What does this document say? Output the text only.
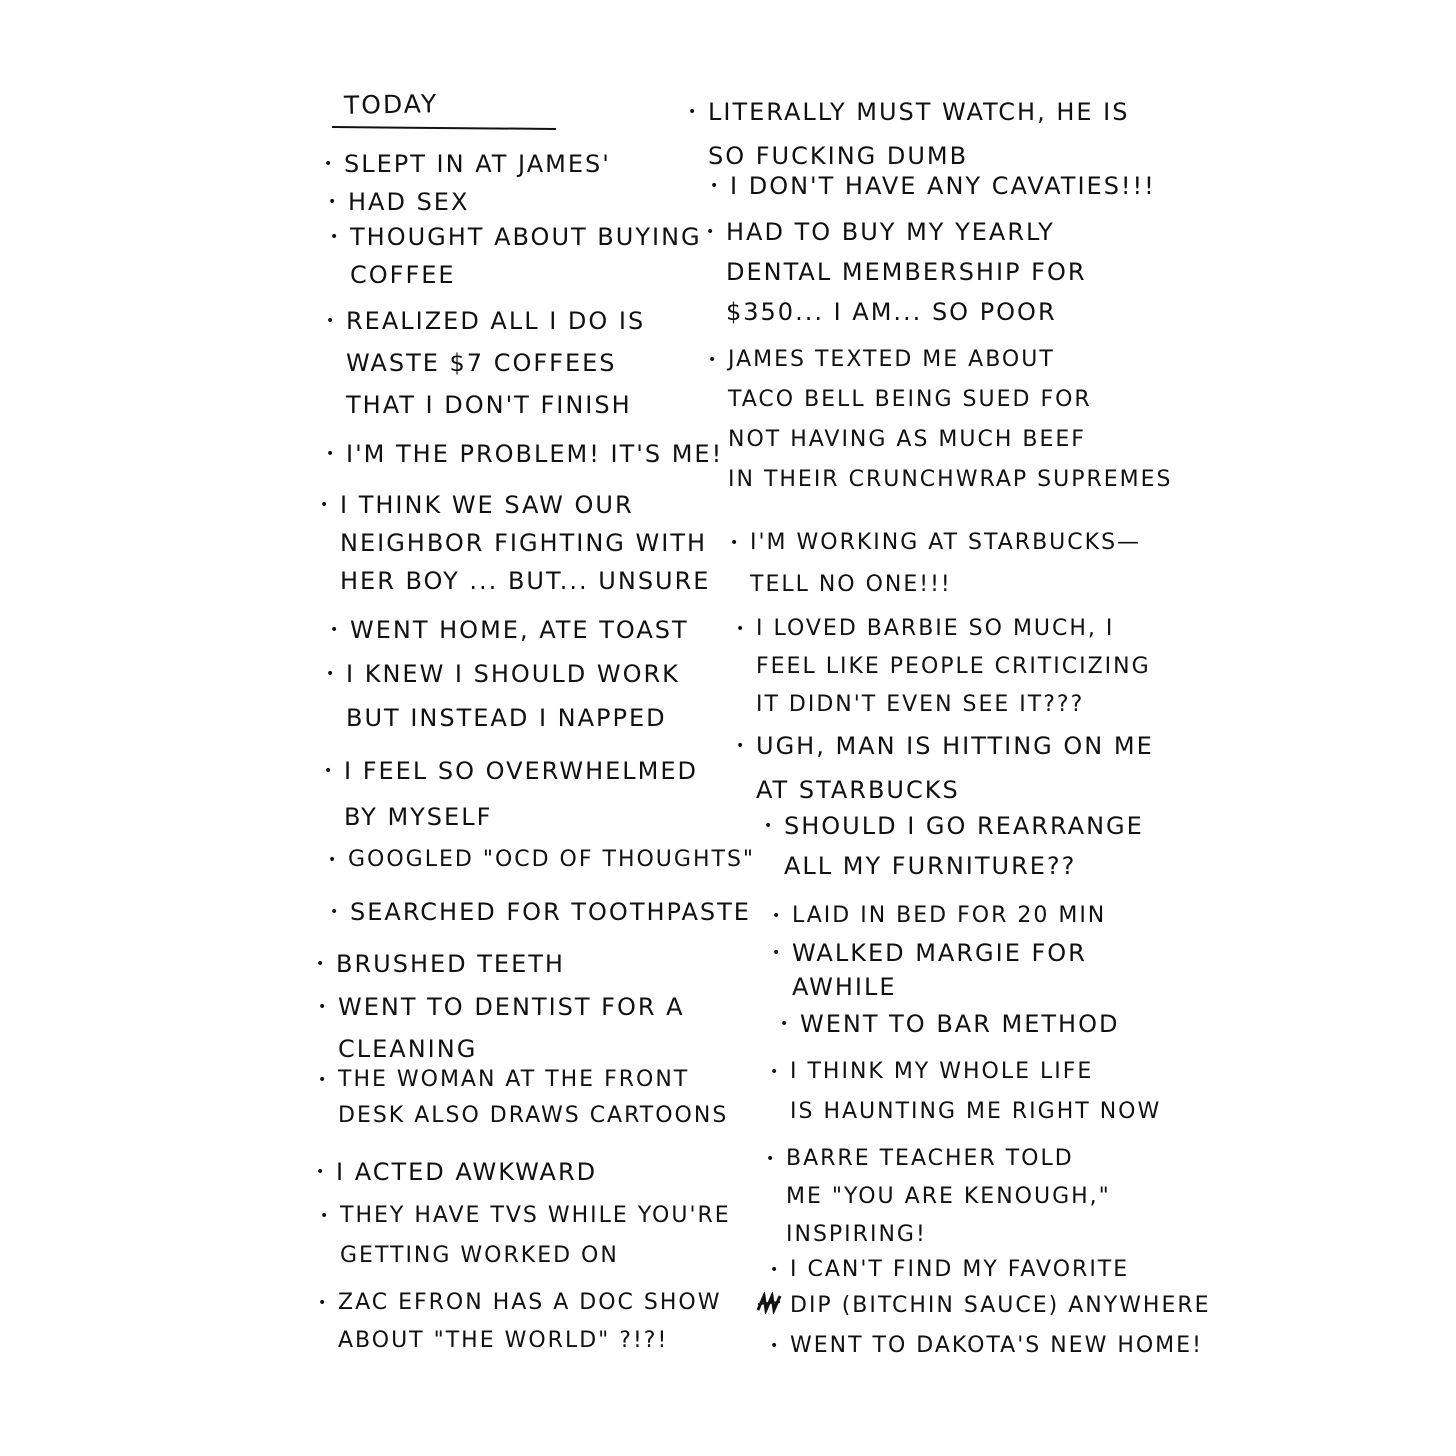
TODAY
• SLEPT IN AT JAMES'
• HAD SEX
• THOUGHT ABOUT BUYING
COFFEE
• REALIZED ALL I DO IS
WASTE $7 COFFEES
THAT I DON'T FINISH
• I'M THE PROBLEM! IT'S ME!
• I THINK WE SAW OUR
NEIGHBOR FIGHTING WITH
HER BOY ... BUT... UNSURE
• WENT HOME, ATE TOAST
• I KNEW I SHOULD WORK
BUT INSTEAD I NAPPED
• I FEEL SO OVERWHELMED
BY MYSELF
• GOOGLED "OCD OF THOUGHTS"
• SEARCHED FOR TOOTHPASTE
• BRUSHED TEETH
• WENT TO DENTIST FOR A
CLEANING
• THE WOMAN AT THE FRONT
DESK ALSO DRAWS CARTOONS
• I ACTED AWKWARD
• THEY HAVE TVS WHILE YOU'RE
GETTING WORKED ON
• ZAC EFRON HAS A DOC SHOW
ABOUT "THE WORLD" ?!?!
• LITERALLY MUST WATCH, HE IS
SO FUCKING DUMB
• I DON'T HAVE ANY CAVATIES!!!
• HAD TO BUY MY YEARLY
DENTAL MEMBERSHIP FOR
$350... I AM... SO POOR
• JAMES TEXTED ME ABOUT
TACO BELL BEING SUED FOR
NOT HAVING AS MUCH BEEF
IN THEIR CRUNCHWRAP SUPREMES
• I'M WORKING AT STARBUCKS—
TELL NO ONE!!!
• I LOVED BARBIE SO MUCH, I
FEEL LIKE PEOPLE CRITICIZING
IT DIDN'T EVEN SEE IT???
• UGH, MAN IS HITTING ON ME
AT STARBUCKS
• SHOULD I GO REARRANGE
ALL MY FURNITURE??
• LAID IN BED FOR 20 MIN
• WALKED MARGIE FOR
AWHILE
• WENT TO BAR METHOD
• I THINK MY WHOLE LIFE
IS HAUNTING ME RIGHT NOW
• BARRE TEACHER TOLD
ME "YOU ARE KENOUGH,"
INSPIRING!
• I CAN'T FIND MY FAVORITE
DIP (BITCHIN SAUCE) ANYWHERE
• WENT TO DAKOTA'S NEW HOME!
